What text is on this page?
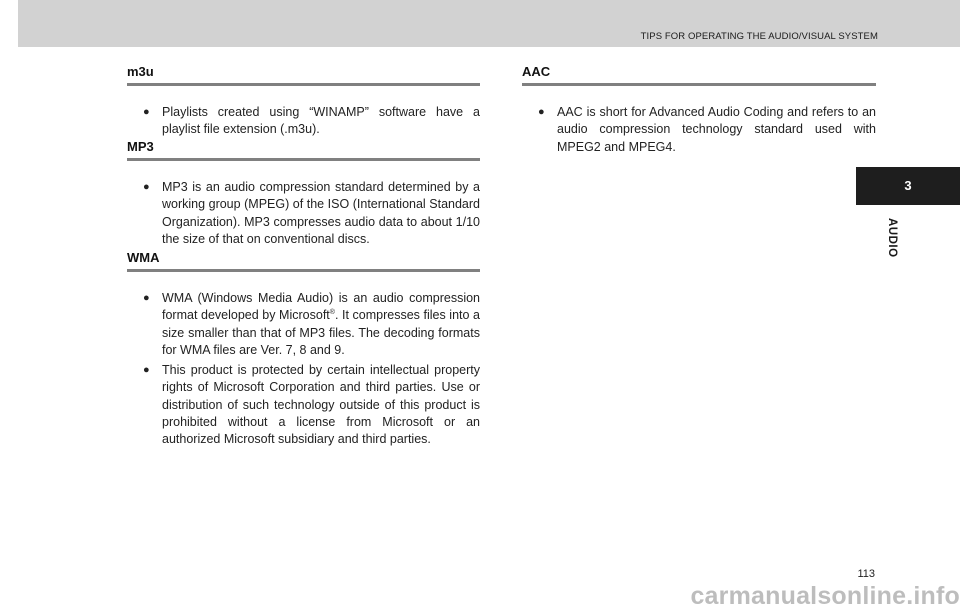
TIPS FOR OPERATING THE AUDIO/VISUAL SYSTEM
m3u
● Playlists created using “WINAMP” software have a playlist file extension (.m3u).
MP3
● MP3 is an audio compression standard determined by a working group (MPEG) of the ISO (International Standard Organization). MP3 compresses audio data to about 1/10 the size of that on conventional discs.
WMA
● WMA (Windows Media Audio) is an audio compression format developed by Microsoft®. It compresses files into a size smaller than that of MP3 files. The decoding formats for WMA files are Ver. 7, 8 and 9.
● This product is protected by certain intellectual property rights of Microsoft Corporation and third parties. Use or distribution of such technology outside of this product is prohibited without a license from Microsoft or an authorized Microsoft subsidiary and third parties.
AAC
● AAC is short for Advanced Audio Coding and refers to an audio compression technology standard used with MPEG2 and MPEG4.
3
AUDIO
113
carmanualsonline.info
